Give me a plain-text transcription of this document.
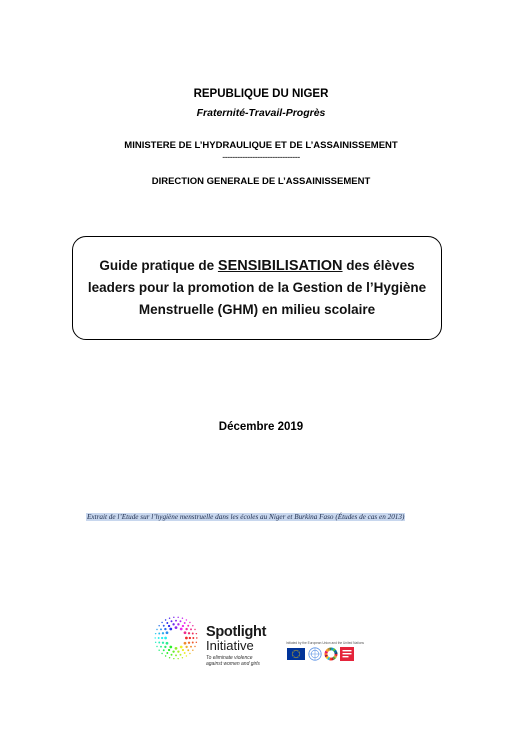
REPUBLIQUE DU NIGER
Fraternité-Travail-Progrès
MINISTERE DE L’HYDRAULIQUE ET DE L’ASSAINISSEMENT
-------------------------------
DIRECTION GENERALE DE L’ASSAINISSEMENT
Guide pratique de SENSIBILISATION des élèves leaders pour la promotion de la Gestion de l’Hygiène Menstruelle (GHM) en milieu scolaire
Décembre 2019
Extrait de l’Etude sur l’hygiène menstruelle dans les écoles au Niger et Burkina Faso (Études de cas en 2013)
Spotlight
Initiative
To eliminate violence against women and girls
Initiated by the European Union and the United Nations
